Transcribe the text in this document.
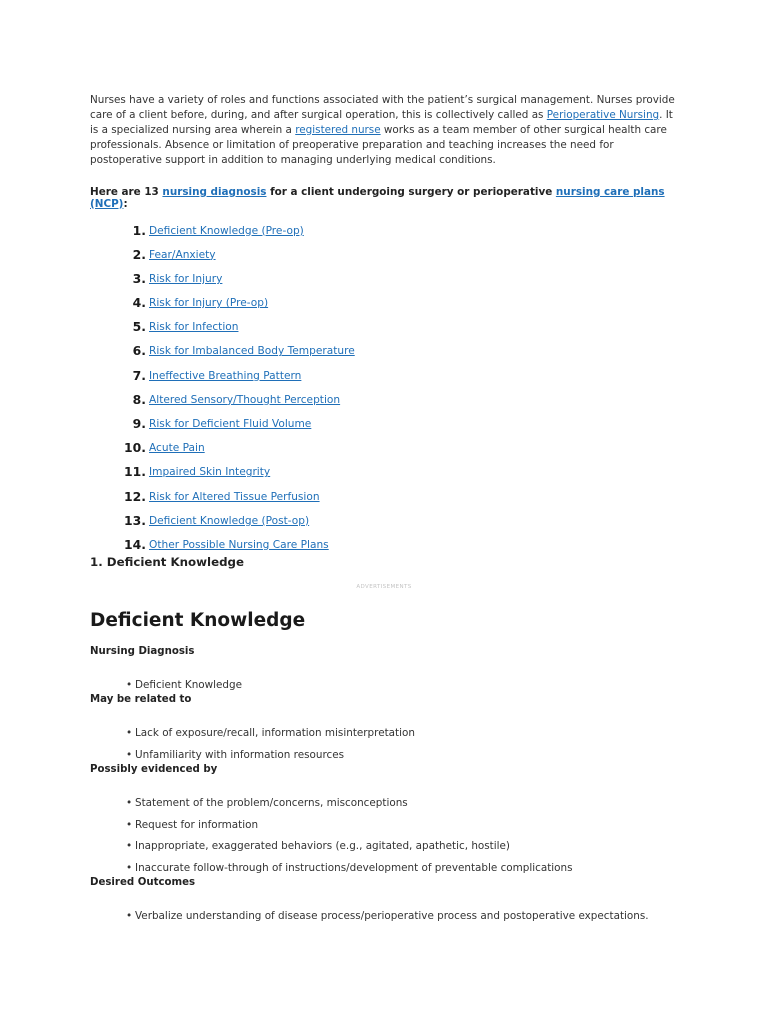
Nurses have a variety of roles and functions associated with the patient’s surgical management. Nurses provide care of a client before, during, and after surgical operation, this is collectively called as Perioperative Nursing. It is a specialized nursing area wherein a registered nurse works as a team member of other surgical health care professionals. Absence or limitation of preoperative preparation and teaching increases the need for postoperative support in addition to managing underlying medical conditions.

Here are 13 nursing diagnosis for a client undergoing surgery or perioperative nursing care plans (NCP):
1. Deficient Knowledge (Pre-op)
2. Fear/Anxiety
3. Risk for Injury
4. Risk for Injury (Pre-op)
5. Risk for Infection
6. Risk for Imbalanced Body Temperature
7. Ineffective Breathing Pattern
8. Altered Sensory/Thought Perception
9. Risk for Deficient Fluid Volume
10. Acute Pain
11. Impaired Skin Integrity
12. Risk for Altered Tissue Perfusion
13. Deficient Knowledge (Post-op)
14. Other Possible Nursing Care Plans
1. Deficient Knowledge
ADVERTISEMENTS
Deficient Knowledge
Nursing Diagnosis
• Deficient Knowledge
May be related to
• Lack of exposure/recall, information misinterpretation
• Unfamiliarity with information resources
Possibly evidenced by
• Statement of the problem/concerns, misconceptions
• Request for information
• Inappropriate, exaggerated behaviors (e.g., agitated, apathetic, hostile)
• Inaccurate follow-through of instructions/development of preventable complications
Desired Outcomes
• Verbalize understanding of disease process/perioperative process and postoperative expectations.
